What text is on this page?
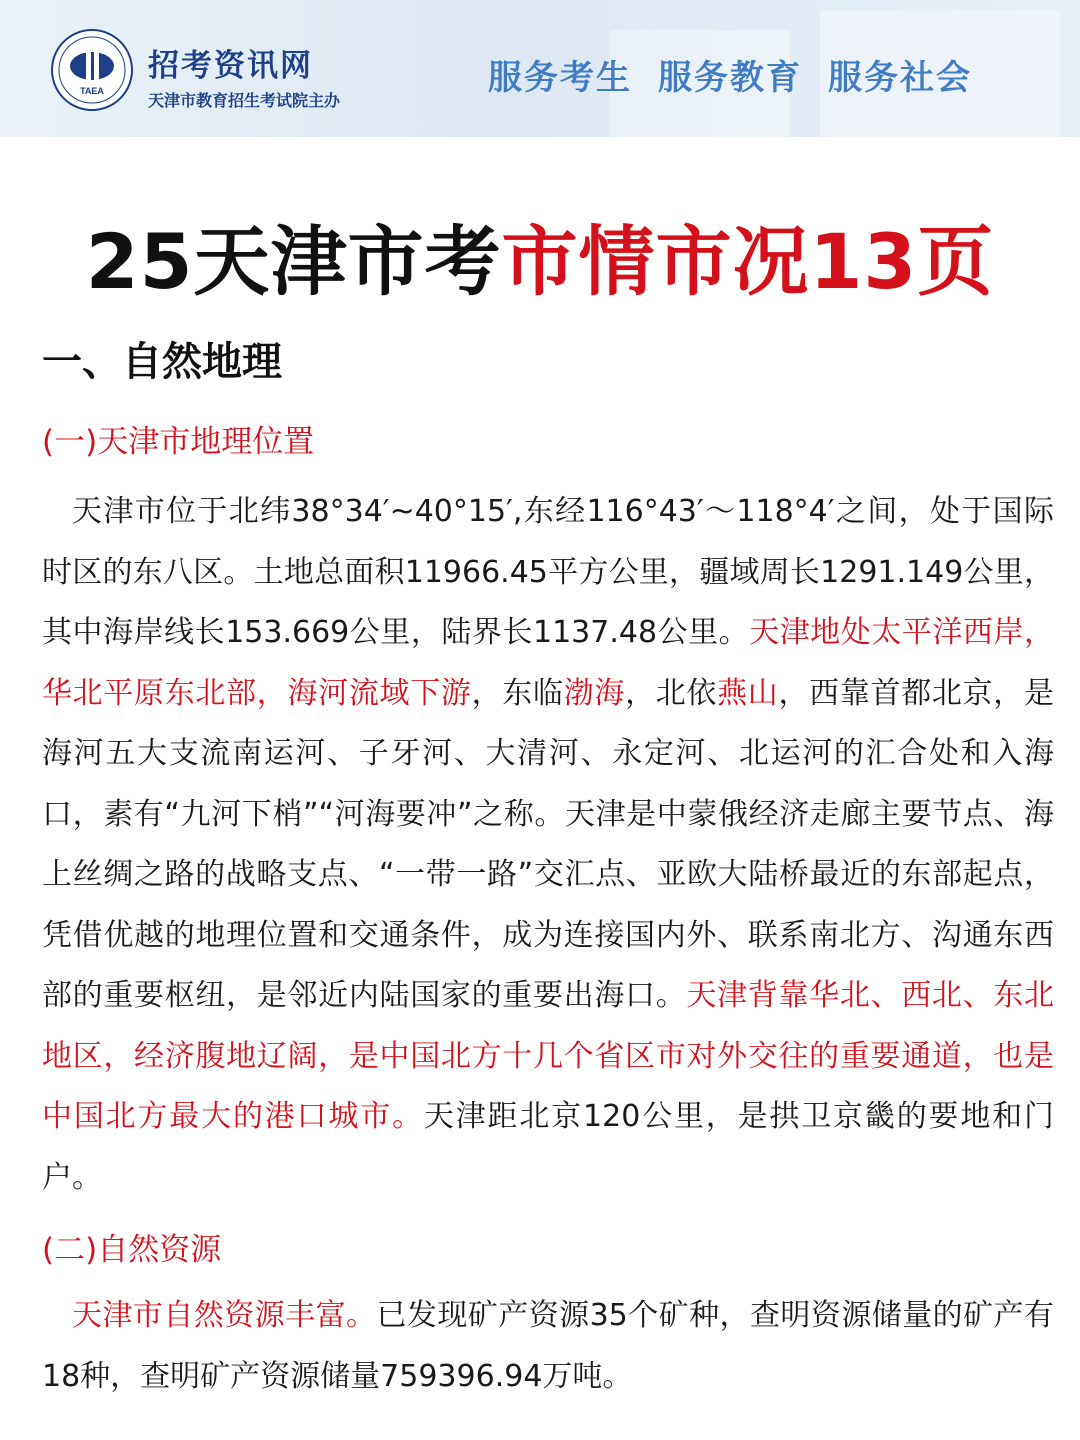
TAEA
招考资讯网
天津市教育招生考试院主办
服务考生 服务教育 服务社会
25天津市考市情市况13页
一、自然地理
(一)天津市地理位置
天津市位于北纬38°34′~40°15′,东经116°43′～118°4′之间，处于国际时区的东八区。土地总面积11966.45平方公里，疆域周长1291.149公里，其中海岸线长153.669公里，陆界长1137.48公里。天津地处太平洋西岸，华北平原东北部，海河流域下游，东临渤海，北依燕山，西靠首都北京，是海河五大支流南运河、子牙河、大清河、永定河、北运河的汇合处和入海口，素有“九河下梢”“河海要冲”之称。天津是中蒙俄经济走廊主要节点、海上丝绸之路的战略支点、“一带一路”交汇点、亚欧大陆桥最近的东部起点，凭借优越的地理位置和交通条件，成为连接国内外、联系南北方、沟通东西部的重要枢纽，是邻近内陆国家的重要出海口。天津背靠华北、西北、东北地区，经济腹地辽阔，是中国北方十几个省区市对外交往的重要通道，也是中国北方最大的港口城市。天津距北京120公里，是拱卫京畿的要地和门户。
(二)自然资源
天津市自然资源丰富。已发现矿产资源35个矿种，查明资源储量的矿产有18种，查明矿产资源储量759396.94万吨。
